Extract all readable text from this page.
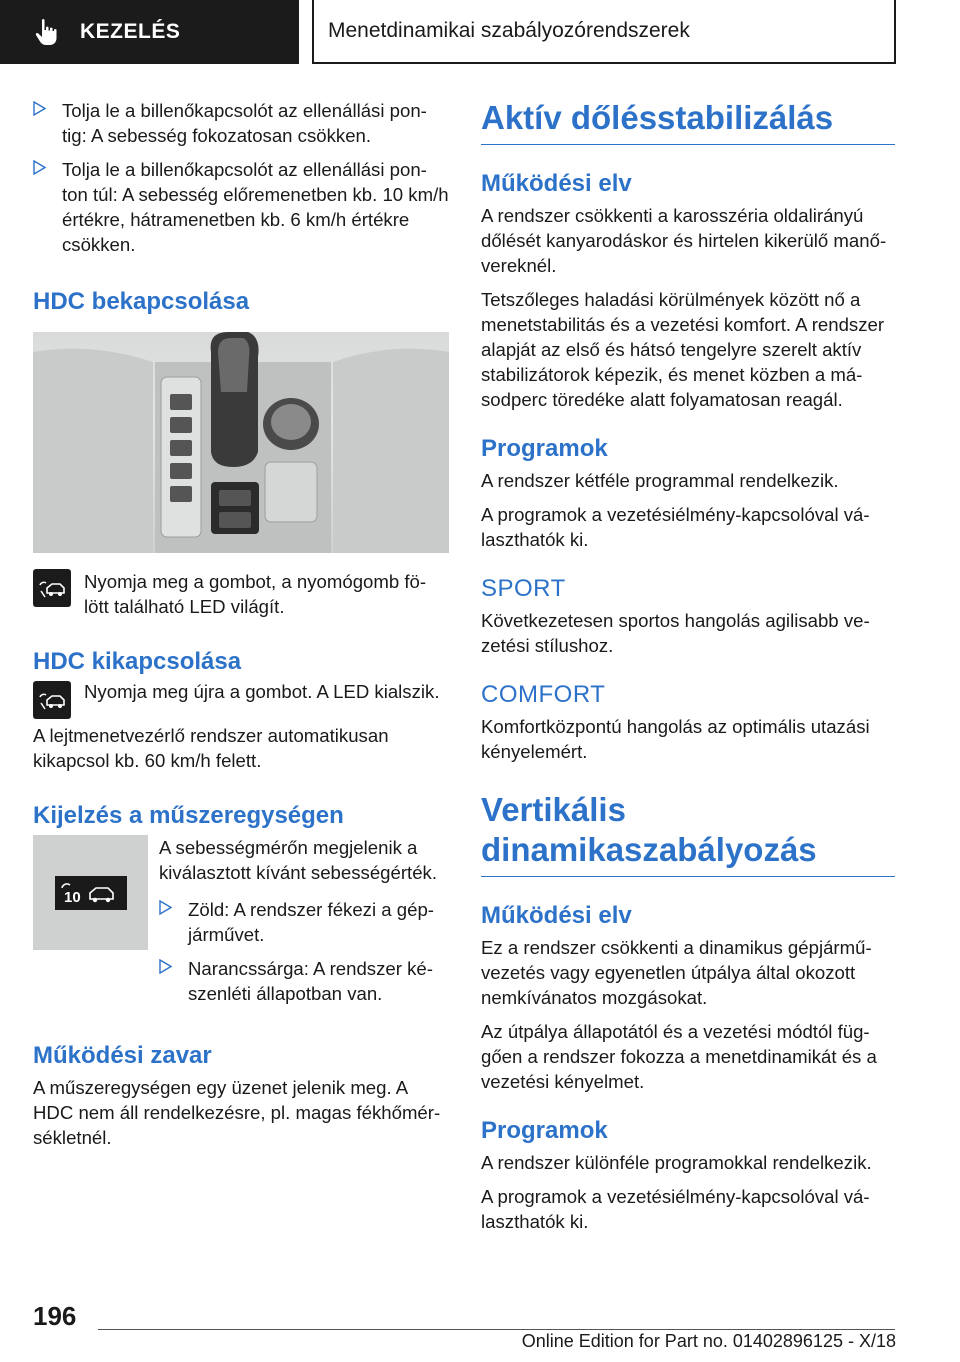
KEZELÉS	Menetdinamikai szabályozórendszerek
Tolja le a billenőkapcsolót az ellenállási pon-tig: A sebesség fokozatosan csökken.
Tolja le a billenőkapcsolót az ellenállási pon-ton túl: A sebesség előremenetben kb. 10 km/h értékre, hátramenetben kb. 6 km/h értékre csökken.
HDC bekapcsolása

Nyomja meg a gombot, a nyomógomb fö-lött található LED világít.

HDC kikapcsolása

Nyomja meg újra a gombot. A LED kialszik.

A lejtmenetvezérlő rendszer automatikusan kikapcsol kb. 60 km/h felett.

Kijelzés a műszeregységen
10

A sebességmérőn megjelenik a kiválasztott kívánt sebességérték.

Zöld: A rendszer fékezi a gép-járművet.
Narancssárga: A rendszer ké-szenléti állapotban van.
Működési zavar

A műszeregységen egy üzenet jelenik meg. A HDC nem áll rendelkezésre, pl. magas fékhőmér-sékletnél.

Aktív dőlésstabilizálás
Működési elv

A rendszer csökkenti a karosszéria oldalirányú dőlését kanyarodáskor és hirtelen kikerülő manő-vereknél.

Tetszőleges haladási körülmények között nő a menetstabilitás és a vezetési komfort. A rendszer alapját az első és hátsó tengelyre szerelt aktív stabilizátorok képezik, és menet közben a má-sodperc töredéke alatt folyamatosan reagál.

Programok

A rendszer kétféle programmal rendelkezik.

A programok a vezetésiélmény-kapcsolóval vá-laszthatók ki.

SPORT

Következetesen sportos hangolás agilisabb ve-zetési stílushoz.

COMFORT

Komfortközpontú hangolás az optimális utazási kényelemért.

Vertikális dinamikaszabályozás
Működési elv

Ez a rendszer csökkenti a dinamikus gépjármű-vezetés vagy egyenetlen útpálya által okozott nemkívánatos mozgásokat.

Az útpálya állapotától és a vezetési módtól füg-gően a rendszer fokozza a menetdinamikát és a vezetési kényelmet.

Programok

A rendszer különféle programokkal rendelkezik.

A programok a vezetésiélmény-kapcsolóval vá-laszthatók ki.

196
Online Edition for Part no. 01402896125 - X/18
